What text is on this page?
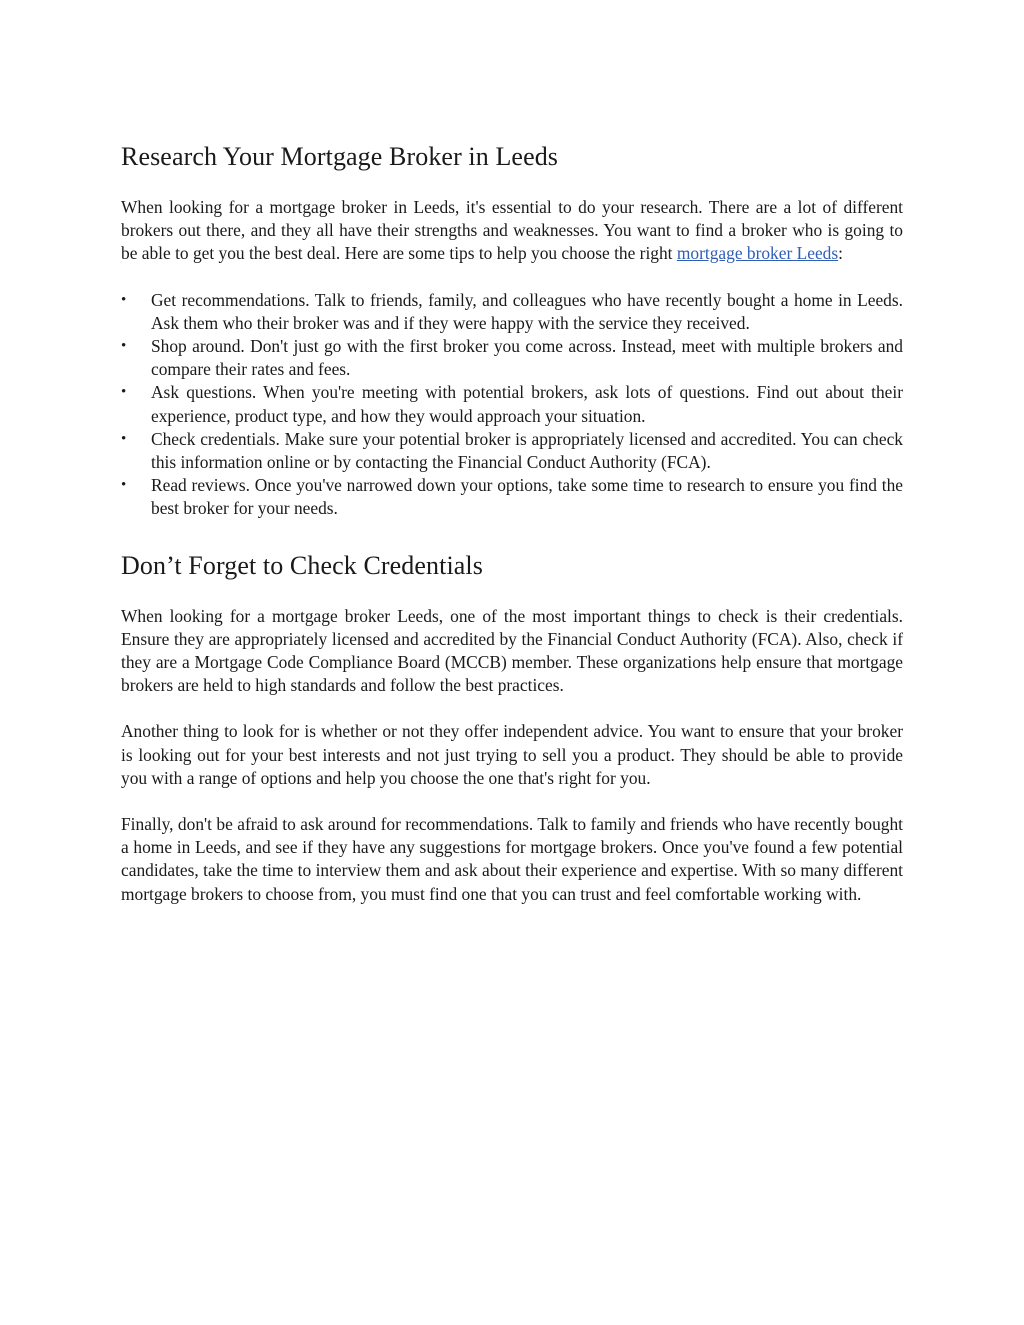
Research Your Mortgage Broker in Leeds

When looking for a mortgage broker in Leeds, it's essential to do your research. There are a lot of different brokers out there, and they all have their strengths and weaknesses. You want to find a broker who is going to be able to get you the best deal. Here are some tips to help you choose the right mortgage broker Leeds:

• Get recommendations. Talk to friends, family, and colleagues who have recently bought a home in Leeds. Ask them who their broker was and if they were happy with the service they received.
• Shop around. Don't just go with the first broker you come across. Instead, meet with multiple brokers and compare their rates and fees.
• Ask questions. When you're meeting with potential brokers, ask lots of questions. Find out about their experience, product type, and how they would approach your situation.
• Check credentials. Make sure your potential broker is appropriately licensed and accredited. You can check this information online or by contacting the Financial Conduct Authority (FCA).
• Read reviews. Once you've narrowed down your options, take some time to research to ensure you find the best broker for your needs.
Don’t Forget to Check Credentials

When looking for a mortgage broker Leeds, one of the most important things to check is their credentials. Ensure they are appropriately licensed and accredited by the Financial Conduct Authority (FCA). Also, check if they are a Mortgage Code Compliance Board (MCCB) member. These organizations help ensure that mortgage brokers are held to high standards and follow the best practices.

Another thing to look for is whether or not they offer independent advice. You want to ensure that your broker is looking out for your best interests and not just trying to sell you a product. They should be able to provide you with a range of options and help you choose the one that's right for you.

Finally, don't be afraid to ask around for recommendations. Talk to family and friends who have recently bought a home in Leeds, and see if they have any suggestions for mortgage brokers. Once you've found a few potential candidates, take the time to interview them and ask about their experience and expertise. With so many different mortgage brokers to choose from, you must find one that you can trust and feel comfortable working with.
